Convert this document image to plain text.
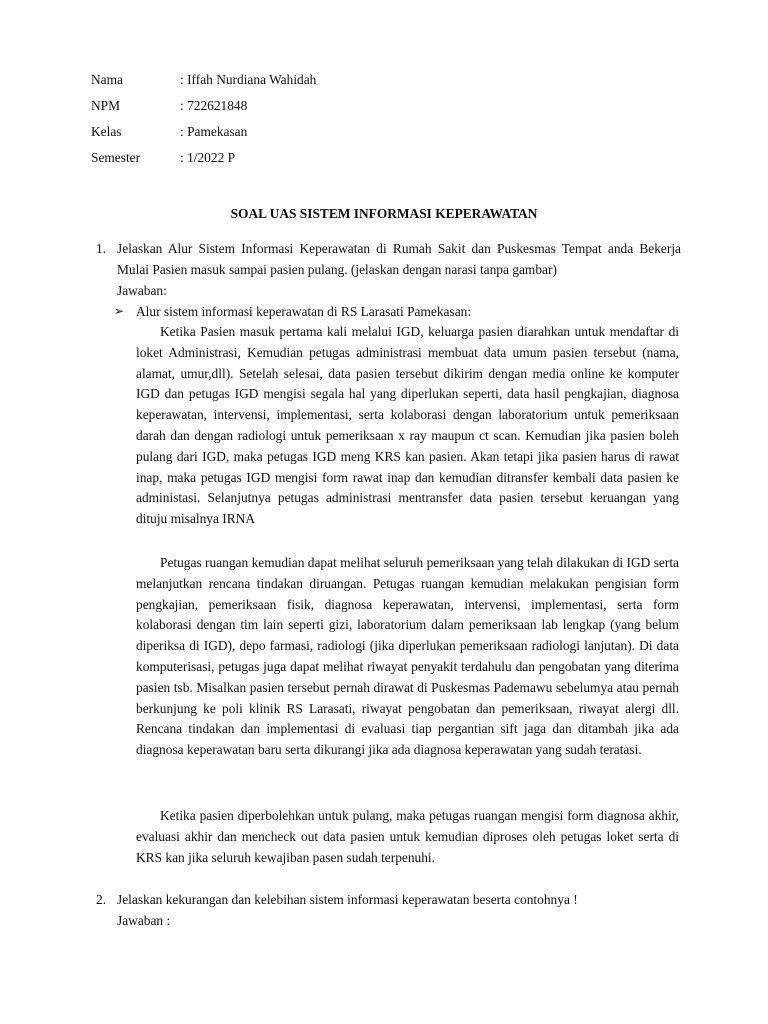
Nama	: Iffah Nurdiana Wahidah
NPM	: 722621848
Kelas	: Pamekasan
Semester	: 1/2022 P
SOAL UAS SISTEM INFORMASI KEPERAWATAN
1. Jelaskan Alur Sistem Informasi Keperawatan di Rumah Sakit dan Puskesmas Tempat anda Bekerja Mulai Pasien masuk sampai pasien pulang. (jelaskan dengan narasi tanpa gambar)
Jawaban:
➢ Alur sistem informasi keperawatan di RS Larasati Pamekasan:
Ketika Pasien masuk pertama kali melalui IGD, keluarga pasien diarahkan untuk mendaftar di loket Administrasi, Kemudian petugas administrasi membuat data umum pasien tersebut (nama, alamat, umur,dll). Setelah selesai, data pasien tersebut dikirim dengan media online ke komputer IGD dan petugas IGD mengisi segala hal yang diperlukan seperti, data hasil pengkajian, diagnosa keperawatan, intervensi, implementasi, serta kolaborasi dengan laboratorium untuk pemeriksaan darah dan dengan radiologi untuk pemeriksaan x ray maupun ct scan. Kemudian jika pasien boleh pulang dari IGD, maka petugas IGD meng KRS kan pasien. Akan tetapi jika pasien harus di rawat inap, maka petugas IGD mengisi form rawat inap dan kemudian ditransfer kembali data pasien ke administasi. Selanjutnya petugas administrasi mentransfer data pasien tersebut keruangan yang dituju misalnya IRNA
Petugas ruangan kemudian dapat melihat seluruh pemeriksaan yang telah dilakukan di IGD serta melanjutkan rencana tindakan diruangan. Petugas ruangan kemudian melakukan pengisian form pengkajian, pemeriksaan fisik, diagnosa keperawatan, intervensi, implementasi, serta form kolaborasi dengan tim lain seperti gizi, laboratorium dalam pemeriksaan lab lengkap (yang belum diperiksa di IGD), depo farmasi, radiologi (jika diperlukan pemeriksaan radiologi lanjutan). Di data komputerisasi, petugas juga dapat melihat riwayat penyakit terdahulu dan pengobatan yang diterima pasien tsb. Misalkan pasien tersebut pernah dirawat di Puskesmas Pademawu sebelumya atau pernah berkunjung ke poli klinik RS Larasati, riwayat pengobatan dan pemeriksaan, riwayat alergi dll. Rencana tindakan dan implementasi di evaluasi tiap pergantian sift jaga dan ditambah jika ada diagnosa keperawatan baru serta dikurangi jika ada diagnosa keperawatan yang sudah teratasi.
Ketika pasien diperbolehkan untuk pulang, maka petugas ruangan mengisi form diagnosa akhir, evaluasi akhir dan mencheck out data pasien untuk kemudian diproses oleh petugas loket serta di KRS kan jika seluruh kewajiban pasen sudah terpenuhi.
2. Jelaskan kekurangan dan kelebihan sistem informasi keperawatan beserta contohnya !
Jawaban :
